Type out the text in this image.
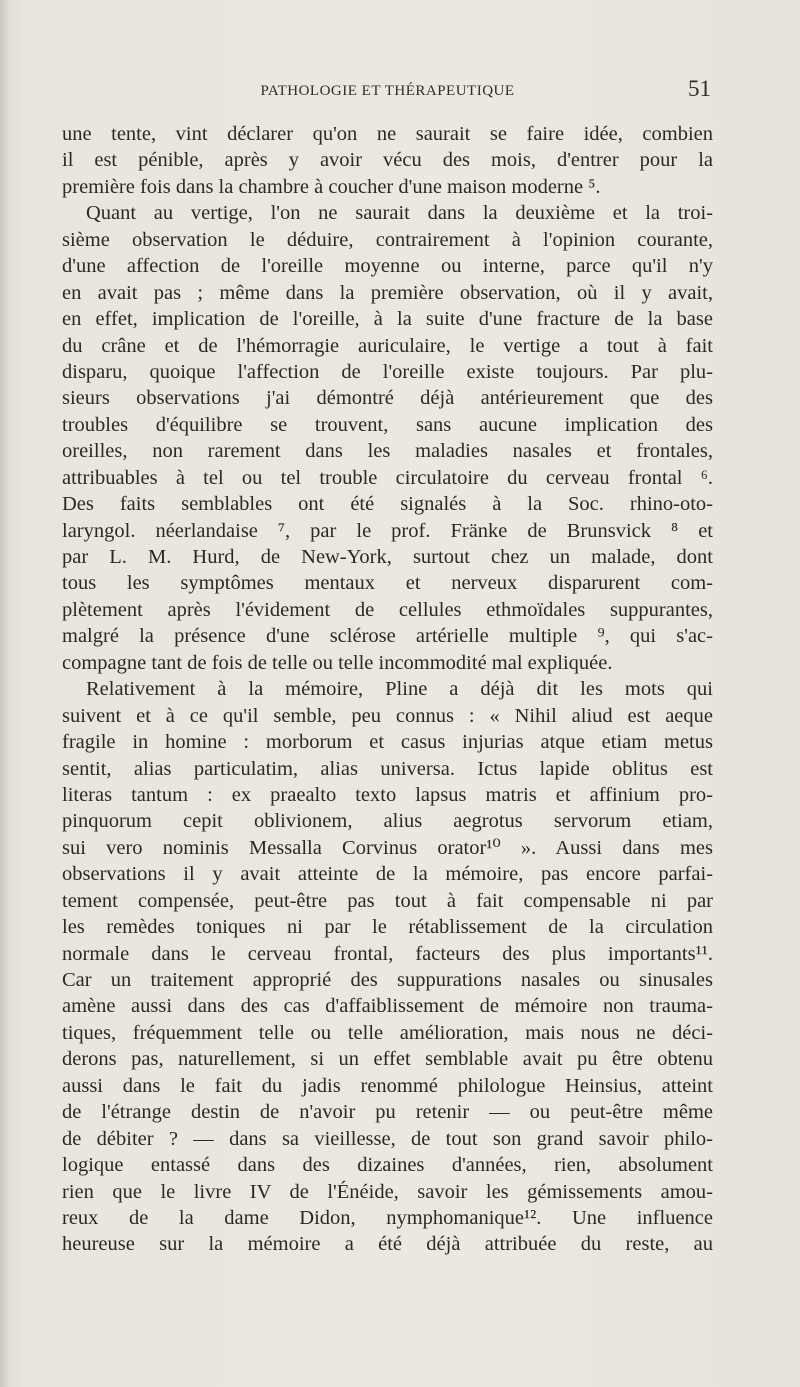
PATHOLOGIE ET THÉRAPEUTIQUE	51
une tente, vint déclarer qu'on ne saurait se faire idée, combien
il est pénible, après y avoir vécu des mois, d'entrer pour la
première fois dans la chambre à coucher d'une maison moderne ⁵.
Quant au vertige, l'on ne saurait dans la deuxième et la troi-
sième observation le déduire, contrairement à l'opinion courante,
d'une affection de l'oreille moyenne ou interne, parce qu'il n'y
en avait pas ; même dans la première observation, où il y avait,
en effet, implication de l'oreille, à la suite d'une fracture de la base
du crâne et de l'hémorragie auriculaire, le vertige a tout à fait
disparu, quoique l'affection de l'oreille existe toujours. Par plu-
sieurs observations j'ai démontré déjà antérieurement que des
troubles d'équilibre se trouvent, sans aucune implication des
oreilles, non rarement dans les maladies nasales et frontales,
attribuables à tel ou tel trouble circulatoire du cerveau frontal ⁶.
Des faits semblables ont été signalés à la Soc. rhino-oto-
laryngol. néerlandaise ⁷, par le prof. Fränke de Brunsvick ⁸ et
par L. M. Hurd, de New-York, surtout chez un malade, dont
tous les symptômes mentaux et nerveux disparurent com-
plètement après l'évidement de cellules ethmoïdales suppurantes,
malgré la présence d'une sclérose artérielle multiple ⁹, qui s'ac-
compagne tant de fois de telle ou telle incommodité mal expliquée.
Relativement à la mémoire, Pline a déjà dit les mots qui
suivent et à ce qu'il semble, peu connus : « Nihil aliud est aeque
fragile in homine : morborum et casus injurias atque etiam metus
sentit, alias particulatim, alias universa. Ictus lapide oblitus est
literas tantum : ex praealto texto lapsus matris et affinium pro-
pinquorum cepit oblivionem, alius aegrotus servorum etiam,
sui vero nominis Messalla Corvinus orator¹⁰ ». Aussi dans mes
observations il y avait atteinte de la mémoire, pas encore parfai-
tement compensée, peut-être pas tout à fait compensable ni par
les remèdes toniques ni par le rétablissement de la circulation
normale dans le cerveau frontal, facteurs des plus importants¹¹.
Car un traitement approprié des suppurations nasales ou sinusales
amène aussi dans des cas d'affaiblissement de mémoire non trauma-
tiques, fréquemment telle ou telle amélioration, mais nous ne déci-
derons pas, naturellement, si un effet semblable avait pu être obtenu
aussi dans le fait du jadis renommé philologue Heinsius, atteint
de l'étrange destin de n'avoir pu retenir — ou peut-être même
de débiter ? — dans sa vieillesse, de tout son grand savoir philo-
logique entassé dans des dizaines d'années, rien, absolument
rien que le livre IV de l'Énéide, savoir les gémissements amou-
reux de la dame Didon, nymphomanique¹². Une influence
heureuse sur la mémoire a été déjà attribuée du reste, au
